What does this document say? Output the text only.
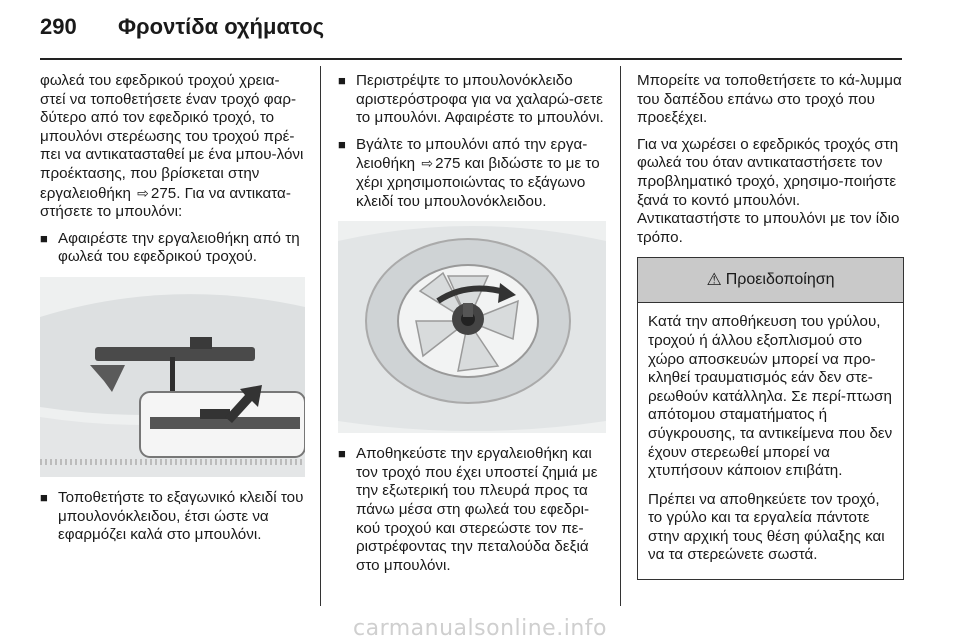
290 Φροντίδα οχήματος

φωλεά του εφεδρικού τροχού χρεια-στεί να τοποθετήσετε έναν τροχό φαρ-δύτερο από τον εφεδρικό τροχό, το μπουλόνι στερέωσης του τροχού πρέ-πει να αντικατασταθεί με ένα μπου-λόνι προέκτασης, που βρίσκεται στην εργαλειοθήκη ⇨ 275. Για να αντικατα-στήσετε το μπουλόνι:

■ Αφαιρέστε την εργαλειοθήκη από τη φωλεά του εφεδρικού τροχού.
■ Τοποθετήστε το εξαγωνικό κλειδί του μπουλονόκλειδου, έτσι ώστε να εφαρμόζει καλά στο μπουλόνι.
■ Περιστρέψτε το μπουλονόκλειδο αριστερόστροφα για να χαλαρώ-σετε το μπουλόνι. Αφαιρέστε το μπουλόνι.
■ Βγάλτε το μπουλόνι από την εργα-λειοθήκη ⇨ 275 και βιδώστε το με το χέρι χρησιμοποιώντας το εξάγωνο κλειδί του μπουλονόκλειδου.
■ Αποθηκεύστε την εργαλειοθήκη και τον τροχό που έχει υποστεί ζημιά με την εξωτερική του πλευρά προς τα πάνω μέσα στη φωλεά του εφεδρι-κού τροχού και στερεώστε τον πε-ριστρέφοντας την πεταλούδα δεξιά στο μπουλόνι.

Μπορείτε να τοποθετήσετε το κά-λυμμα του δαπέδου επάνω στο τροχό που προεξέχει.

Για να χωρέσει ο εφεδρικός τροχός στη φωλεά του όταν αντικαταστήσετε τον προβληματικό τροχό, χρησιμο-ποιήστε ξανά το κοντό μπουλόνι. Αντικαταστήστε το μπουλόνι με τον ίδιο τρόπο.

⚠ Προειδοποίηση

Κατά την αποθήκευση του γρύλου, τροχού ή άλλου εξοπλισμού στο χώρο αποσκευών μπορεί να προ-κληθεί τραυματισμός εάν δεν στε-ρεωθούν κατάλληλα. Σε περί-πτωση απότομου σταματήματος ή σύγκρουσης, τα αντικείμενα που δεν έχουν στερεωθεί μπορεί να χτυπήσουν κάποιον επιβάτη.

Πρέπει να αποθηκεύετε τον τροχό, το γρύλο και τα εργαλεία πάντοτε στην αρχική τους θέση φύλαξης και να τα στερεώνετε σωστά.

carmanualsonline.info
